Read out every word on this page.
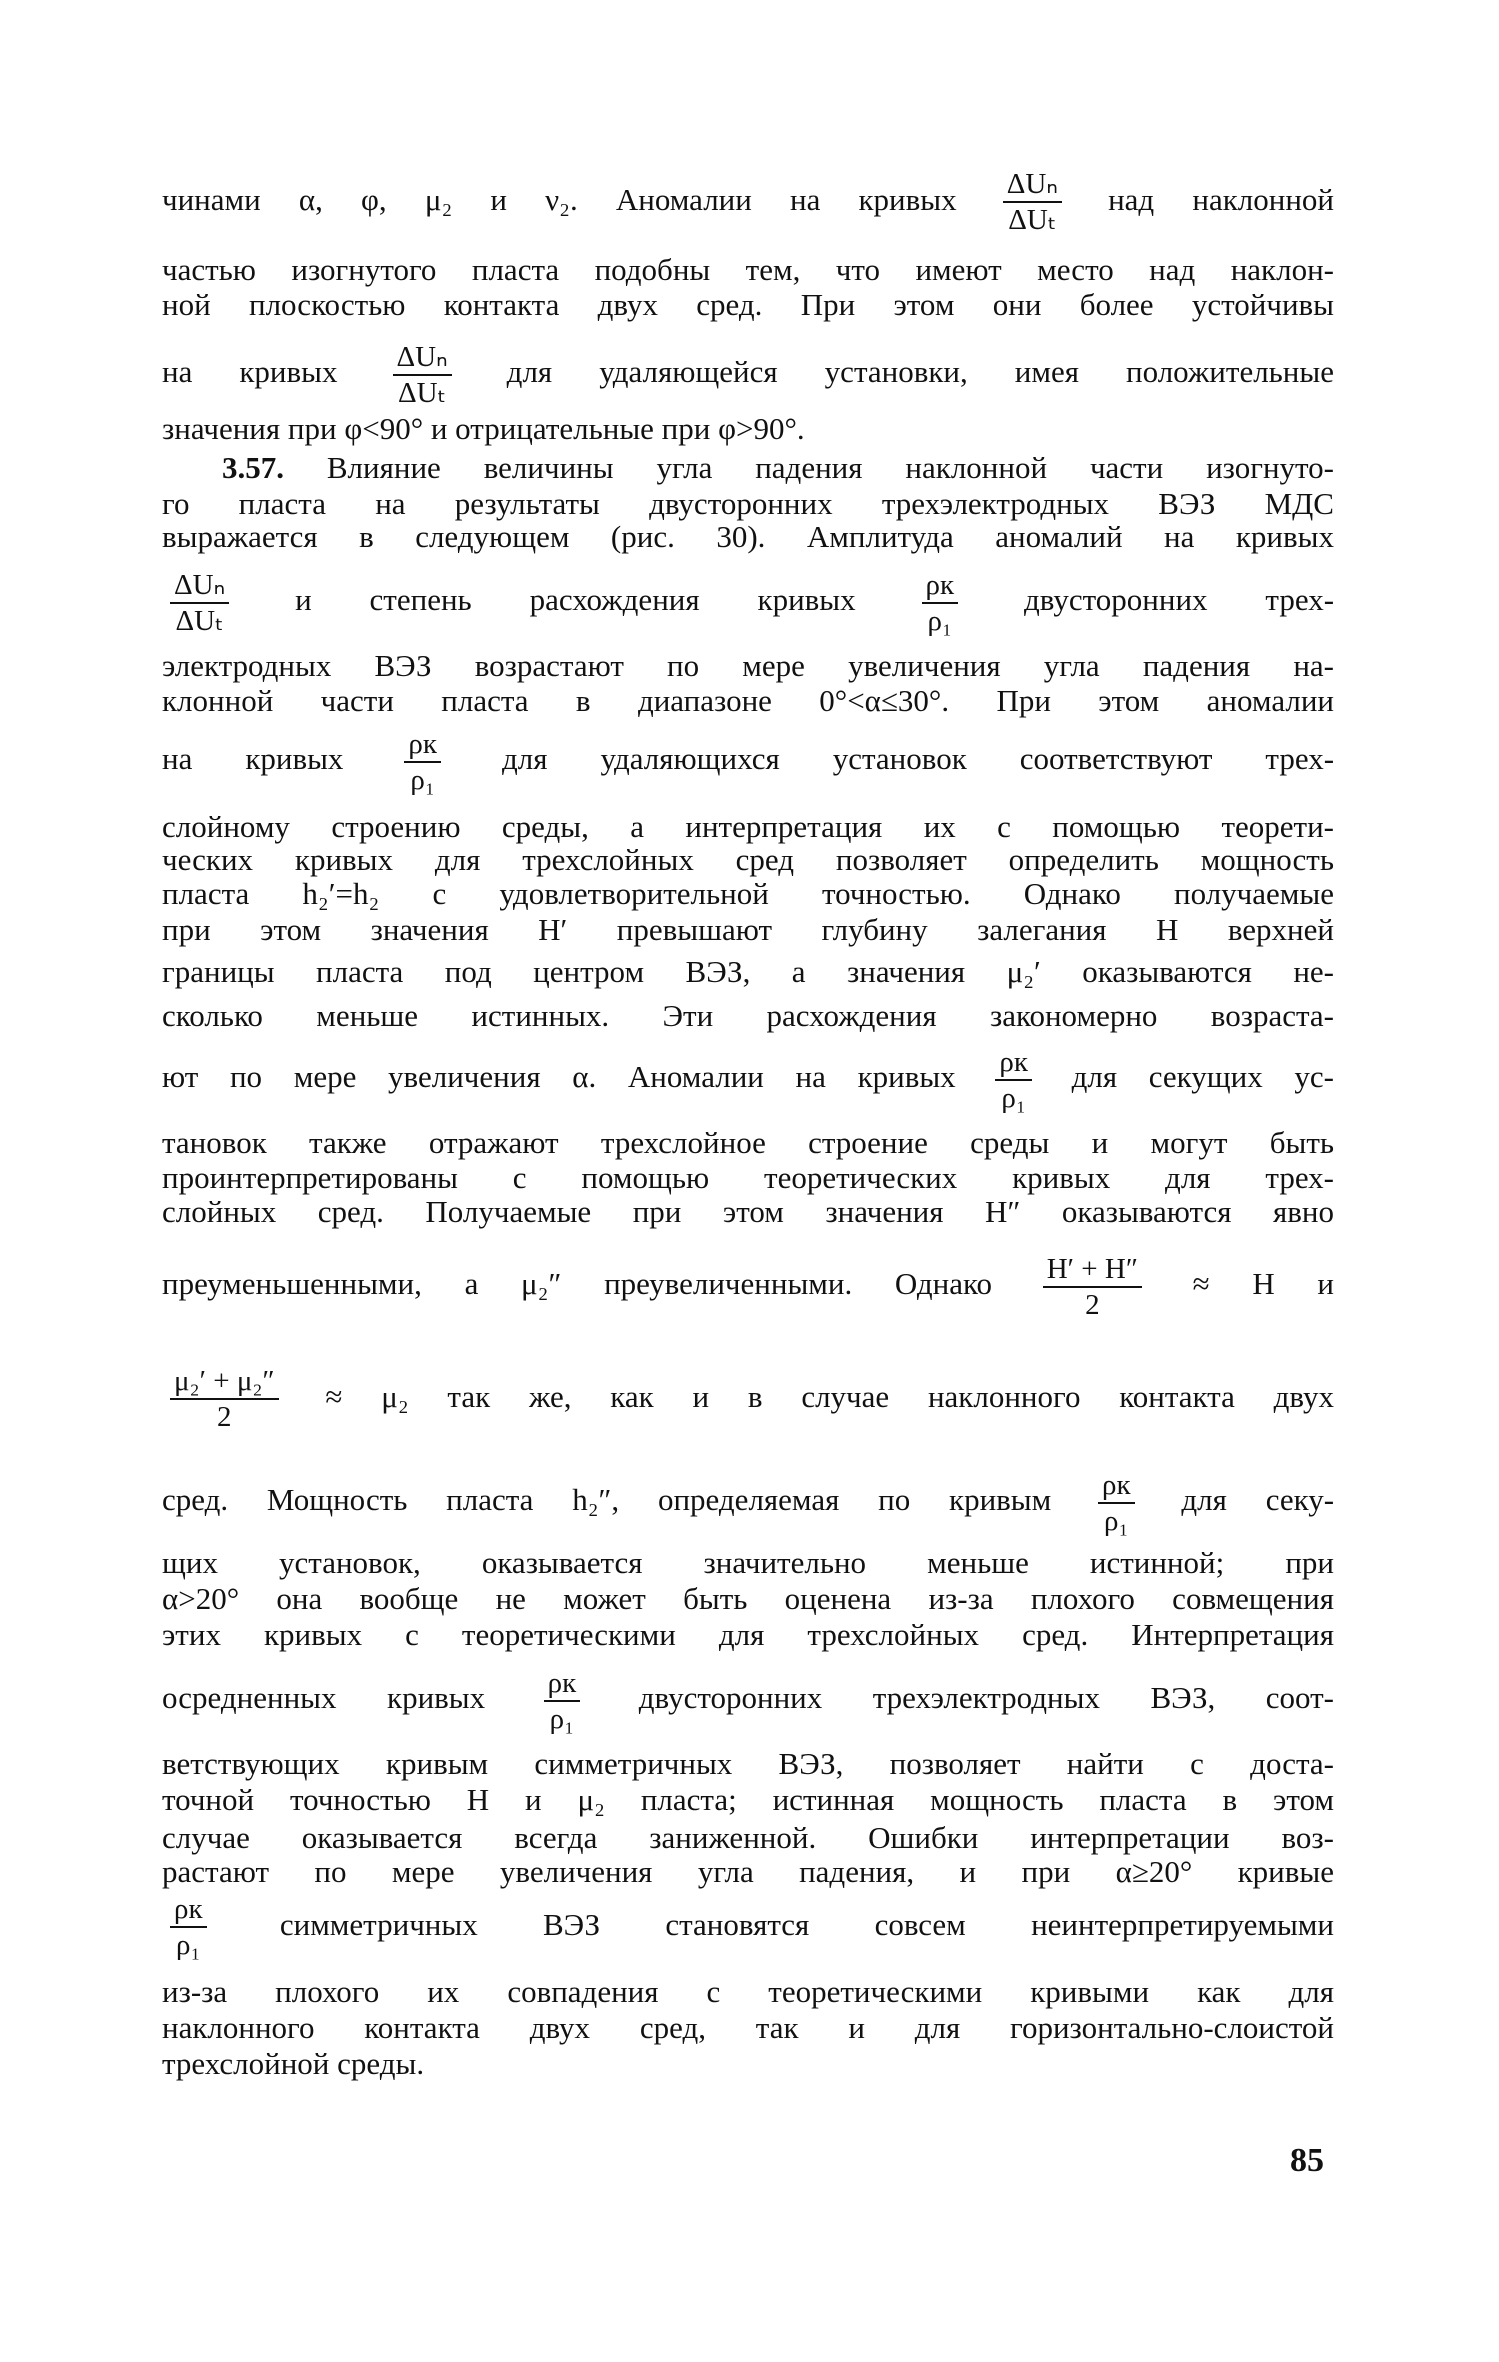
чинами α, φ, μ₂ и ν₂. Аномалии на кривых $\frac{\text{ΔUₙ}}{\text{ΔUₜ}}$ над наклонной
частью изогнутого пласта подобны тем, что имеют место над наклон-
ной плоскостью контакта двух сред. При этом они более устойчивы
на кривых $\frac{\text{ΔUₙ}}{\text{ΔUₜ}}$ для удаляющейся установки, имея положительные
значения при φ<90° и отрицательные при φ>90°.
3.57. Влияние величины угла падения наклонной части изогнуто-
го пласта на результаты двусторонних трехэлектродных ВЭЗ МДС
выражается в следующем (рис. 30). Амплитуда аномалий на кривых
$\frac{\text{ΔUₙ}}{\text{ΔUₜ}}$ и степень расхождения кривых $\frac{\rho к}{\text{ρ₁}}$ двусторонних трех-
электродных ВЭЗ возрастают по мере увеличения угла падения на-
клонной части пласта в диапазоне 0°<α≤30°. При этом аномалии
на кривых $\frac{\rho к}{\text{ρ₁}}$ для удаляющихся установок соответствуют трех-
слойному строению среды, а интерпретация их с помощью теорети-
ческих кривых для трехслойных сред позволяет определить мощность
пласта h₂′=h₂ с удовлетворительной точностью. Однако получаемые
при этом значения H′ превышают глубину залегания H верхней
границы пласта под центром ВЭЗ, а значения μ₂′ оказываются не-
сколько меньше истинных. Эти расхождения закономерно возраста-
ют по мере увеличения α. Аномалии на кривых $\frac{\rho к}{\text{ρ₁}}$ для секущих ус-
тановок также отражают трехслойное строение среды и могут быть
проинтерпретированы с помощью теоретических кривых для трех-
слойных сред. Получаемые при этом значения H″ оказываются явно
преуменьшенными, а μ₂″ преувеличенными. Однако $\frac{H' + H''}{2} \approx H$ и
$\frac{\text{μ₂′ + μ₂″}}{2} \approx \mu_2$ так же, как и в случае наклонного контакта двух
сред. Мощность пласта h₂″, определяемая по кривым $\frac{\rho к}{\text{ρ₁}}$ для секу-
щих установок, оказывается значительно меньше истинной; при
α>20° она вообще не может быть оценена из-за плохого совмещения
этих кривых с теоретическими для трехслойных сред. Интерпретация
осредненных кривых $\frac{\rho к}{\text{ρ₁}}$ двусторонних трехэлектродных ВЭЗ, соот-
ветствующих кривым симметричных ВЭЗ, позволяет найти с доста-
точной точностью H и μ₂ пласта; истинная мощность пласта в этом
случае оказывается всегда заниженной. Ошибки интерпретации воз-
растают по мере увеличения угла падения, и при α≥20° кривые
$\frac{\rho к}{\text{ρ₁}}$ симметричных ВЭЗ становятся совсем неинтерпретируемыми
из-за плохого их совпадения с теоретическими кривыми как для
наклонного контакта двух сред, так и для горизонтально-слоистой
трехслойной среды.
85
